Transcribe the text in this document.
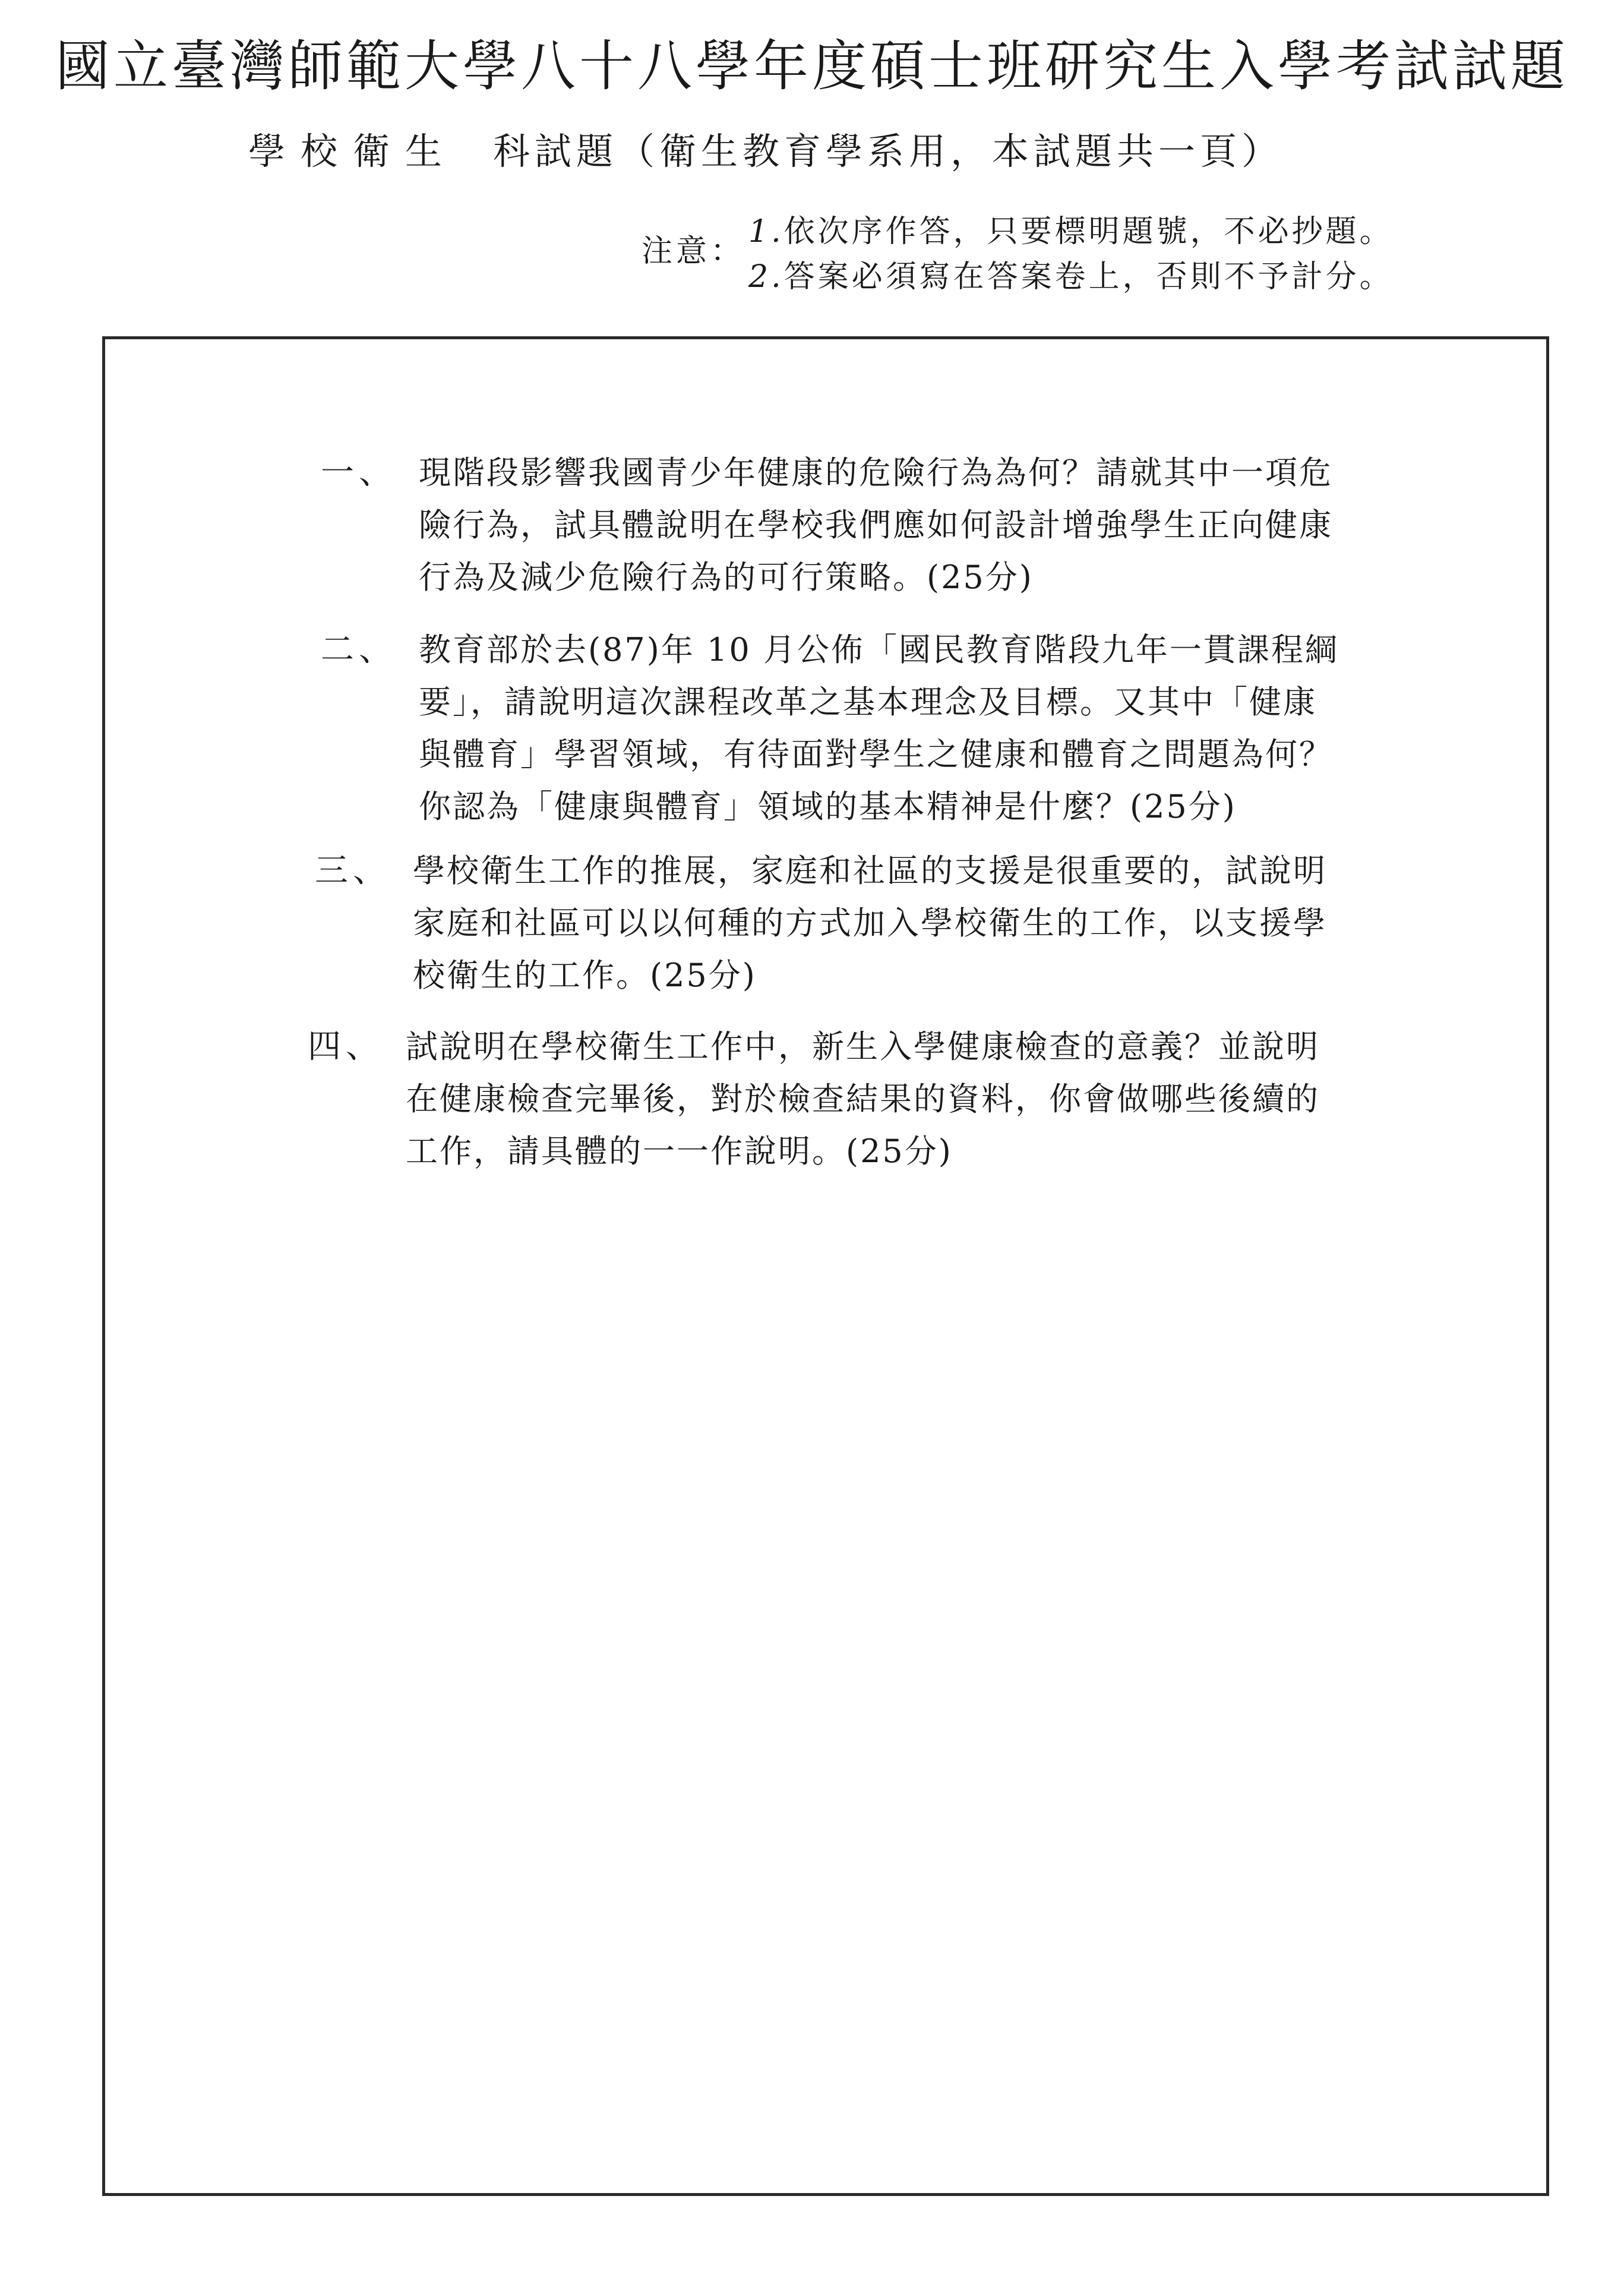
國立臺灣師範大學八十八學年度碩士班研究生入學考試試題
學校衛生 科試題（衛生教育學系用，本試題共一頁）
注意：
1.依次序作答，只要標明題號，不必抄題。
2.答案必須寫在答案卷上，否則不予計分。
一、 現階段影響我國青少年健康的危險行為為何？請就其中一項危
險行為，試具體說明在學校我們應如何設計增強學生正向健康
行為及減少危險行為的可行策略。(25分)
二、 教育部於去(87)年 10 月公佈「國民教育階段九年一貫課程綱
要」，請說明這次課程改革之基本理念及目標。又其中「健康
與體育」學習領域，有待面對學生之健康和體育之問題為何？
你認為「健康與體育」領域的基本精神是什麼？(25分)
三、 學校衛生工作的推展，家庭和社區的支援是很重要的，試說明
家庭和社區可以以何種的方式加入學校衛生的工作，以支援學
校衛生的工作。(25分)
四、 試說明在學校衛生工作中，新生入學健康檢查的意義？並說明
在健康檢查完畢後，對於檢查結果的資料，你會做哪些後續的
工作，請具體的一一作說明。(25分)
